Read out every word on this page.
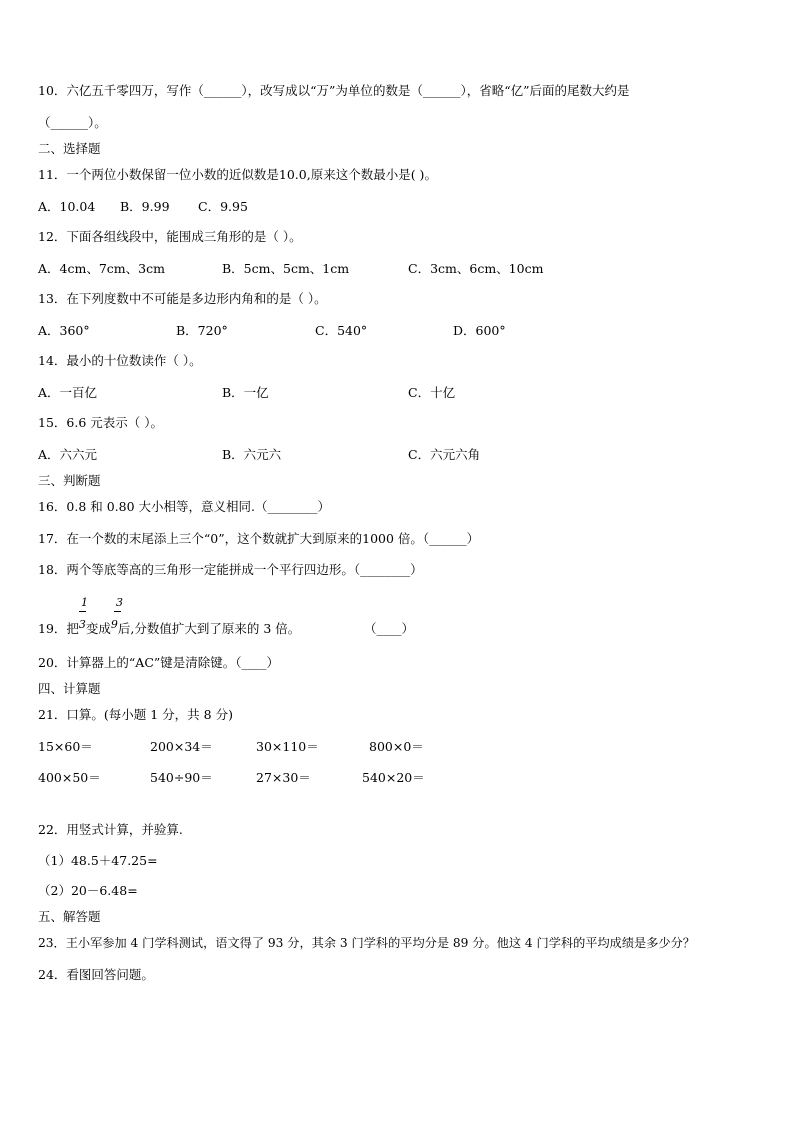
10．六亿五千零四万，写作（______），改写成以“万”为单位的数是（______），省略“亿”后面的尾数大约是
（______）。
二、选择题
11．一个两位小数保留一位小数的近似数是10.0,原来这个数最小是( )。
A．10.04 B．9.99 C．9.95
12．下面各组线段中，能围成三角形的是（ ）。
A．4cm、7cm、3cm	B．5cm、5cm、1cm	C．3cm、6cm、10cm
13．在下列度数中不可能是多边形内角和的是（ ）。
A．360°	B．720°	C．540°	D．600°
14．最小的十位数读作（ ）。
A．一百亿	B．一亿	C．十亿
15．6.6 元表示（ ）。
A．六六元	B．六元六	C．六元六角
三、判断题
16．0.8 和 0.80 大小相等，意义相同.（________）
17．在一个数的末尾添上三个“0”，这个数就扩大到原来的1000 倍。（______）
18．两个等底等高的三角形一定能拼成一个平行四边形。（________）
1	3
19．把3变成9后,分数值扩大到了原来的 3 倍。	（____）
20．计算器上的“AC”键是清除键。（____）
四、计算题
21．口算。(每小题 1 分，共 8 分)
15×60＝	200×34＝	30×110＝	800×0＝
400×50＝	540÷90＝	27×30＝	540×20＝
22．用竖式计算，并验算.
（1）48.5＋47.25=
（2）20－6.48=
五、解答题
23．王小军参加 4 门学科测试，语文得了 93 分，其余 3 门学科的平均分是 89 分。他这 4 门学科的平均成绩是多少分？
24．看图回答问题。
